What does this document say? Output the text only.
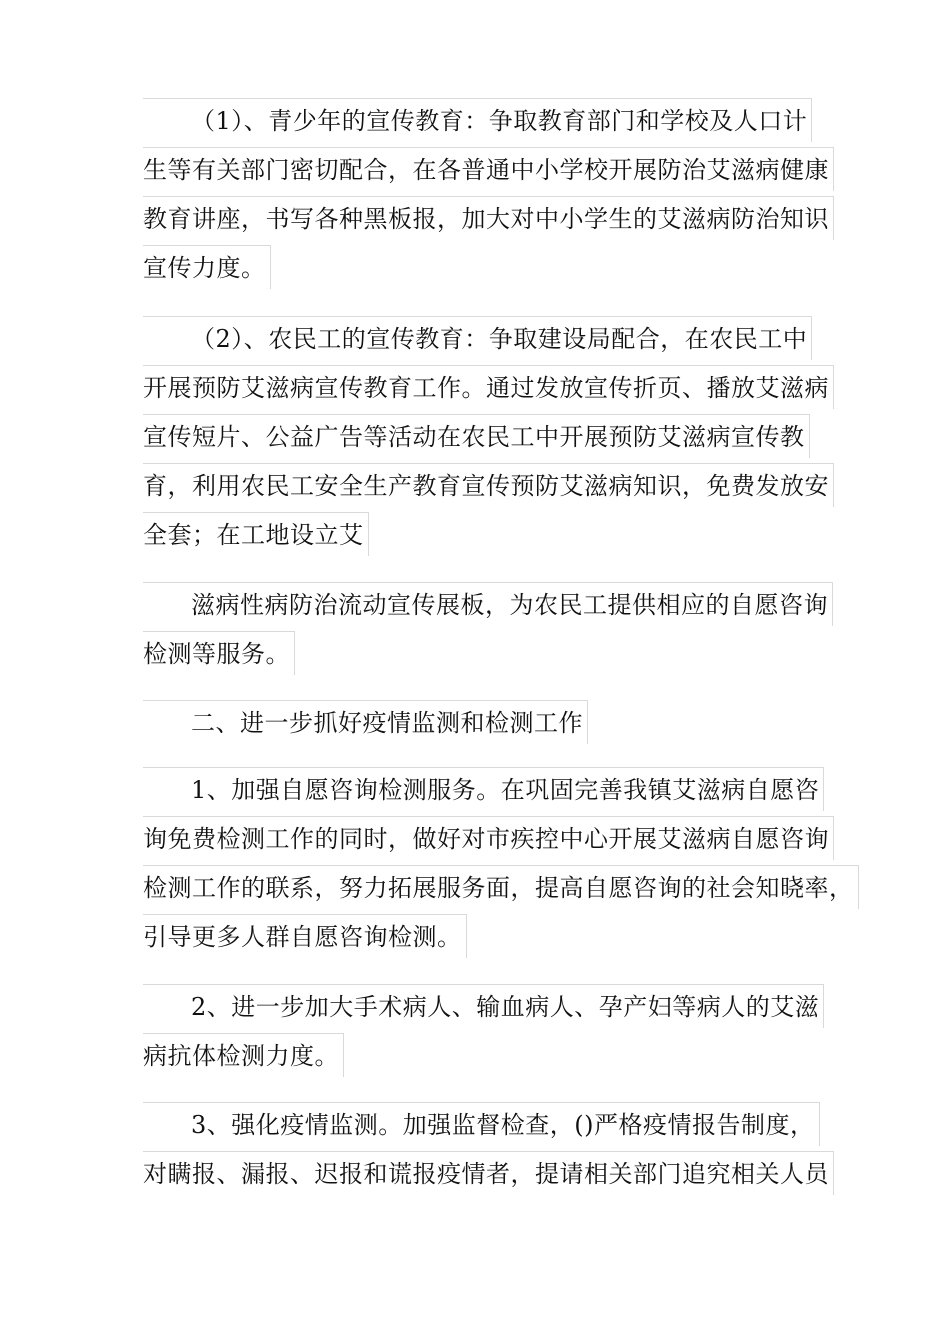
（1）、青少年的宣传教育：争取教育部门和学校及人口计
生等有关部门密切配合，在各普通中小学校开展防治艾滋病健康
教育讲座，书写各种黑板报，加大对中小学生的艾滋病防治知识
宣传力度。
（2）、农民工的宣传教育：争取建设局配合，在农民工中
开展预防艾滋病宣传教育工作。通过发放宣传折页、播放艾滋病
宣传短片、公益广告等活动在农民工中开展预防艾滋病宣传教
育，利用农民工安全生产教育宣传预防艾滋病知识，免费发放安
全套；在工地设立艾
滋病性病防治流动宣传展板，为农民工提供相应的自愿咨询
检测等服务。
二、进一步抓好疫情监测和检测工作
1、加强自愿咨询检测服务。在巩固完善我镇艾滋病自愿咨
询免费检测工作的同时，做好对市疾控中心开展艾滋病自愿咨询
检测工作的联系，努力拓展服务面，提高自愿咨询的社会知晓率，
引导更多人群自愿咨询检测。
2、进一步加大手术病人、输血病人、孕产妇等病人的艾滋
病抗体检测力度。
3、强化疫情监测。加强监督检查，()严格疫情报告制度，
对瞒报、漏报、迟报和谎报疫情者，提请相关部门追究相关人员
